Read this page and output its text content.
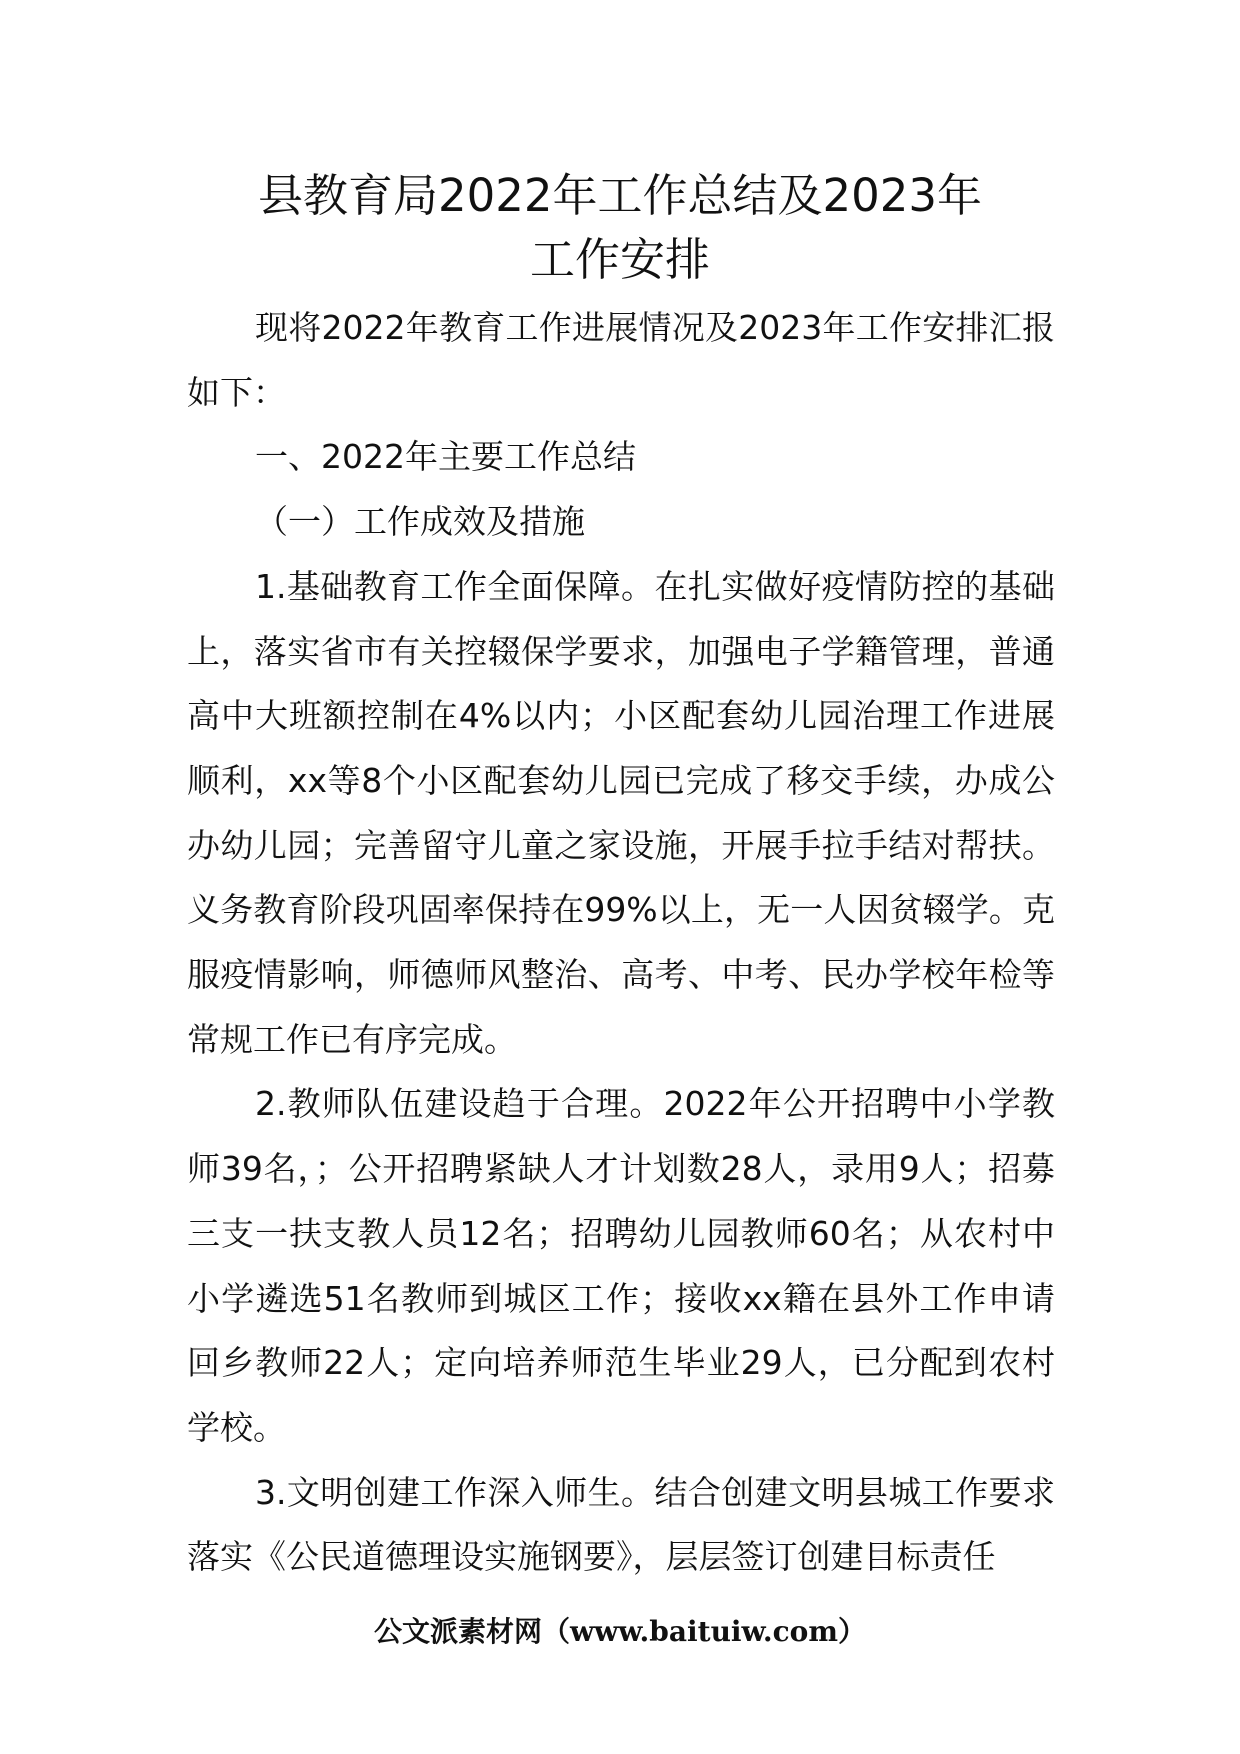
县教育局2022年工作总结及2023年
工作安排

现将2022年教育工作进展情况及2023年工作安排汇报如下：

一、2022年主要工作总结

（一）工作成效及措施

1.基础教育工作全面保障。在扎实做好疫情防控的基础上，落实省市有关控辍保学要求，加强电子学籍管理，普通高中大班额控制在4%以内；小区配套幼儿园治理工作进展顺利，xx等8个小区配套幼儿园已完成了移交手续，办成公办幼儿园；完善留守儿童之家设施，开展手拉手结对帮扶。义务教育阶段巩固率保持在99%以上，无一人因贫辍学。克服疫情影响，师德师风整治、高考、中考、民办学校年检等常规工作已有序完成。

2.教师队伍建设趋于合理。2022年公开招聘中小学教师39名，；公开招聘紧缺人才计划数28人，录用9人；招募三支一扶支教人员12名；招聘幼儿园教师60名；从农村中小学遴选51名教师到城区工作；接收xx籍在县外工作申请回乡教师22人；定向培养师范生毕业29人，已分配到农村学校。

3.文明创建工作深入师生。结合创建文明县城工作要求落实《公民道德理设实施钢要》，层层签订创建目标责任

公文派素材网（www.baituiw.com）
